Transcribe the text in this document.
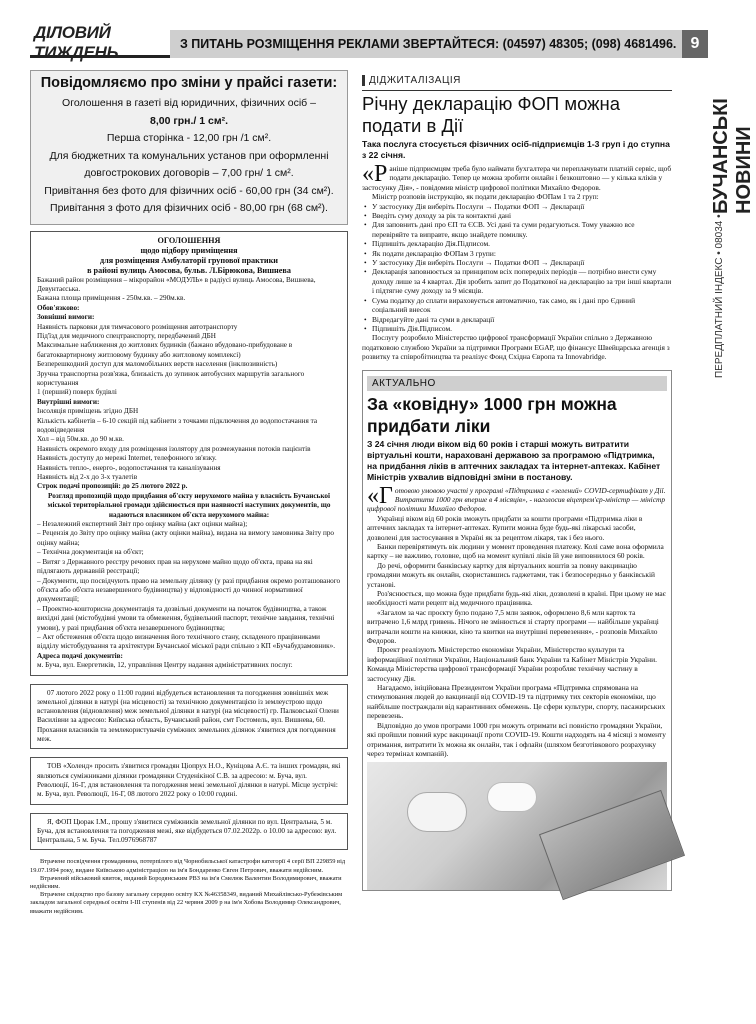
ДІЛОВИЙ ТИЖДЕНЬ	З ПИТАНЬ РОЗМІЩЕННЯ РЕКЛАМИ ЗВЕРТАЙТЕСЯ: (04597) 48305; (098) 4681496. 9
БУЧАНСЬКІ НОВИНИ
ПЕРЕДПЛАТНИЙ ІНДЕКС • 08034 •
Повідомляємо про зміни у прайсі газети:
Оголошення в газеті від юридичних, фізичних осіб –
8,00 грн./ 1 см².
Перша сторінка - 12,00 грн /1 см².
Для бюджетних та комунальних установ при оформленні
довгострокових договорів – 7,00 грн/ 1 см².
Привітання без фото для фізичних осіб - 60,00 грн (34 см²).
Привітання з фото для фізичних осіб - 80,00 грн (68 см²).
ОГОЛОШЕННЯ
щодо підбору приміщення
для розміщення Амбулаторії групової практики
в районі вулиць Амосова, бульв. Л.Бірюкова, Вишнева

Бажаний район розміщення – мікрорайон «МОДУЛЬ» в радіусі вулиць Амосова, Вишнева, Девунтаєська.

Бажана площа приміщення - 250м.кв. – 290м.кв.

Обов'язково:

Зовнішні вимоги:

Наявність парковки для тимчасового розміщення автотранспорту

Під'їзд для медичного спецтранспорту, передбачений ДБН

Максимальне наближення до житлових будинків (бажано вбудовано-прибудоване в багатоквартирному житловому будинку або житловому комплексі)

Безперешкодний доступ для маломобільних верств населення (інклюзивність)

Зручна транспортна розв'язка, близькість до зупинок автобусних маршрутів загального користування

1 (перший) поверх будівлі

Внутрішні вимоги:

Інсоляція приміщень згідно ДБН

Кількість кабінетів – 6-10 секцій під кабінети з точками підключення до водопостачання та водовідведення

Хол – від 50м.кв. до 90 м.кв.

Наявність окремого входу для розміщення ізолятору для розмежування потоків пацієнтів

Наявність доступу до мережі Internet, телефонного зв'язку.

Наявність тепло-, енерго-, водопостачання та каналізування

Наявність від 2-х до 3-х туалетів

Строк подачі пропозицій: до 25 лютого 2022 р.

Розгляд пропозицій щодо придбання об'єкту нерухомого майна у власність Бучанської міської територіальної громади здійснюється при наявності наступних документів, що надаються власником об'єкта нерухомого майна:

– Незалежний експертний Звіт про оцінку майна (акт оцінки майна);

– Рецензія до Звіту про оцінку майна (акту оцінки майна), видана на вимогу замовника Звіту про оцінку майна;

– Технічна документація на об'єкт;

– Витяг з Державного реєстру речових прав на нерухоме майно щодо об'єкта, права на які підлягають державній реєстрації;

– Документи, що посвідчують право на земельну ділянку (у разі придбання окремо розташованого об'єкта або об'єкта незавершеного будівництва) у відповідності до чинної нормативної документації;

– Проектно-кошторисна документація та дозвільні документи на початок будівництва, а також вихідні дані (містобудівні умови та обмеження, будівельний паспорт, технічне завдання, технічні умови), у разі придбання об'єкта незавершеного будівництва;

– Акт обстеження об'єкта щодо визначення його технічного стану, складеного працівниками відділу містобудування та архітектури Бучанської міської ради спільно з КП «Бучабудзамовник».

Адреса подачі документів:

м. Буча, вул. Енергетиків, 12, управління Центру надання адміністративних послуг.

07 лютого 2022 року о 11:00 годині відбудеться встановлення та погодження зовнішніх меж земельної ділянки в натурі (на місцевості) за технічною документацією із землеустрою щодо встановлення (відновлення) меж земельної ділянки в натурі (на місцевості) гр. Палковської Олени Василівни за адресою: Київська область, Бучанський район, смт Гостомель, вул. Вишнева, 60. Прохання власників та землекористувачів суміжних земельних ділянок з'явитися для погодження меж.
ТОВ «Холенд» просить з'явитися громадян Ціопрух Н.О., Куніцова А.Є. та інших громадян, які являються суміжниками ділянки громадянки Студенікіної С.В. за адресою: м. Буча, вул. Революції, 16-Г, для встановлення та погодження межі земельної ділянки в натурі. Місце зустрічі: м. Буча, вул. Революції, 16-Г, 08 лютого 2022 року о 10:00 годині.
Я, ФОП Цюрак І.М., прошу з'явитися суміжників земельної ділянки по вул. Центральна, 5 м. Буча, для встановлення та погодження межі, яке відбудеться 07.02.2022р. о 10.00 за адресою: вул. Центральна, 5 м. Буча. Тел.0976968787

Втрачене посвідчення громадянина, потерпілого від Чорнобильської катастрофи категорії 4 серії ВП 229859 від 19.07.1994 року, видане Київською адміністрацією на ім'я Бондаренко Євген Петрович, вважати недійсним.

Втрачений військовий квиток, виданий Бородянським РВЗ на ім'я Смелюк Валентин Володимирович, вважати недійсним.

Втрачене свідоцтво про базову загальну середню освіту КХ №46358349, виданий Михайлівсько-Рубежівським закладом загальної середньої освіти І-ІІІ ступенів від 22 червня 2009 р на ім'я Хобова Володимир Олександрович, вважати недійсним.

ДІДЖИТАЛІЗАЦІЯ
Річну декларацію ФОП можна подати в Дії
Така послуга стосується фізичних осіб-підприємців 1-3 груп і до ступна з 22 січня.

«Раніше підприємцям треба було наймати бухгалтера чи переплачувати платній сервіс, щоб подати декларацію. Тепер це можна зробити онлайн і безкоштовно — у кількa кліків у застосунку Дія», - повідомив міністр цифрової політики Михайло Федоров.

Міністр розповів інструкцію, як подати декларацію ФОПам 1 та 2 груп:

• У застосунку Дія виберіть Послуги → Податки ФОП → Декларації
• Введіть суму доходу за рік та контактні дані
• Для заповнить дані про ЄП та ЄСВ. Усі дані та суми редагуються. Тому уважно все перевіряйте та виправте, якщо знайдете помилку.
• Підпишіть декларацію Дія.Підписом.
• Як подати декларацію ФОПам 3 групи:
• У застосунку Дія виберіть Послуги → Податки ФОП → Декларації
• Декларація заповнюється за принципом всіх попередніх періодів — потрібно внести суму доходу лише за 4 квартал. Дія зробить запит до Податкової на декларацію за три інші квартали і підтягне суму доходу за 9 місяців.
• Сума податку до сплати вираховується автоматично, так само, як і дані про Єдиний соціальний внесок
• Відредагуйте дані та суми в декларації
• Підпишіть Дія.Підписом.

Послугу розробило Міністерство цифрової трансформації України спільно з Державною податковою службою України за підтримки Програми EGAP, що фінансує Швейцарська агенція з розвитку та співробітництва та реалізує Фонд Східна Європа та Innovabridge.

АКТУАЛЬНО
За «ковідну» 1000 грн можна придбати ліки
З 24 січня люди віком від 60 років і старші можуть витратити віртуальні кошти, нараховані державою за програмою «Підтримка, на придбання ліків в аптечних закладах та інтернет-аптеках. Кабінет Міністрів ухвалив відповідні зміни в постанову.

«Готовою умовою участі у програмі «Підтримка є «зелений» COVID-сертифікат у Дії. Витратити 1000 грн вперше в 4 місяців», - наголосив віцепрем'єр-міністр — міністр цифрової політики Михайло Федоров.

Українці віком від 60 років зможуть придбати за кошти програми «Підтримка ліки в аптечних закладах та інтернет-аптеках. Купити можна буде будь-які лікарські засоби, дозволені для застосування в Україні як за рецептом лікаря, так і без нього.

Банки перевірятимуть вік людини у момент проведення платежу. Колі саме вона оформила картку – не важливо, головне, щоб на момент купівлі ліків їй уже виповнилося 60 років.

До речі, оформити банківську картку для віртуальних коштів за повну вакцинацію громадяни можуть як онлайн, скориставшись гаджетами, так і безпосередньо у банківській установі.

Роз'яснюється, що можна буде придбати будь-які ліки, дозволені в країні. При цьому не має необхідності мати рецепт від медичного працівника.

«Загалом за час проєкту було подано 7,5 млн заявок, оформлено 8,6 млн карток та витрачено 1,6 млрд гривень. Нічого не змінюється зі старту програми — найбільше українці витрачали кошти на книжки, кіно та квитки на внутрішні перевезення», - розповів Михайло Федоров.

Проект реалізують Міністерство економіки України, Міністерство культури та інформаційної політики України, Національний банк України та Кабінет Міністрів України. Команда Міністерства цифрової трансформації України розробляє технічну частину в застосунку Дія.

Нагадаємо, ініційована Президентом України програма «Підтримка спрямована на стимулювання людей до вакцинації від COVID-19 та підтримку тих секторів економіки, що найбільше постраждали від карантинних обмежень. Це сфери культури, спорту, пасажирських перевезень.

Відповідно до умов програми 1000 грн можуть отримати всі повністю громадяни України, які пройшли повний курс вакцинації проти COVID-19. Кошти надходять на 4 місяці з моменту отримання, витратити їх можна як онлайн, так і офлайн (шляхом безготівкового розрахунку через термінал компаній).
